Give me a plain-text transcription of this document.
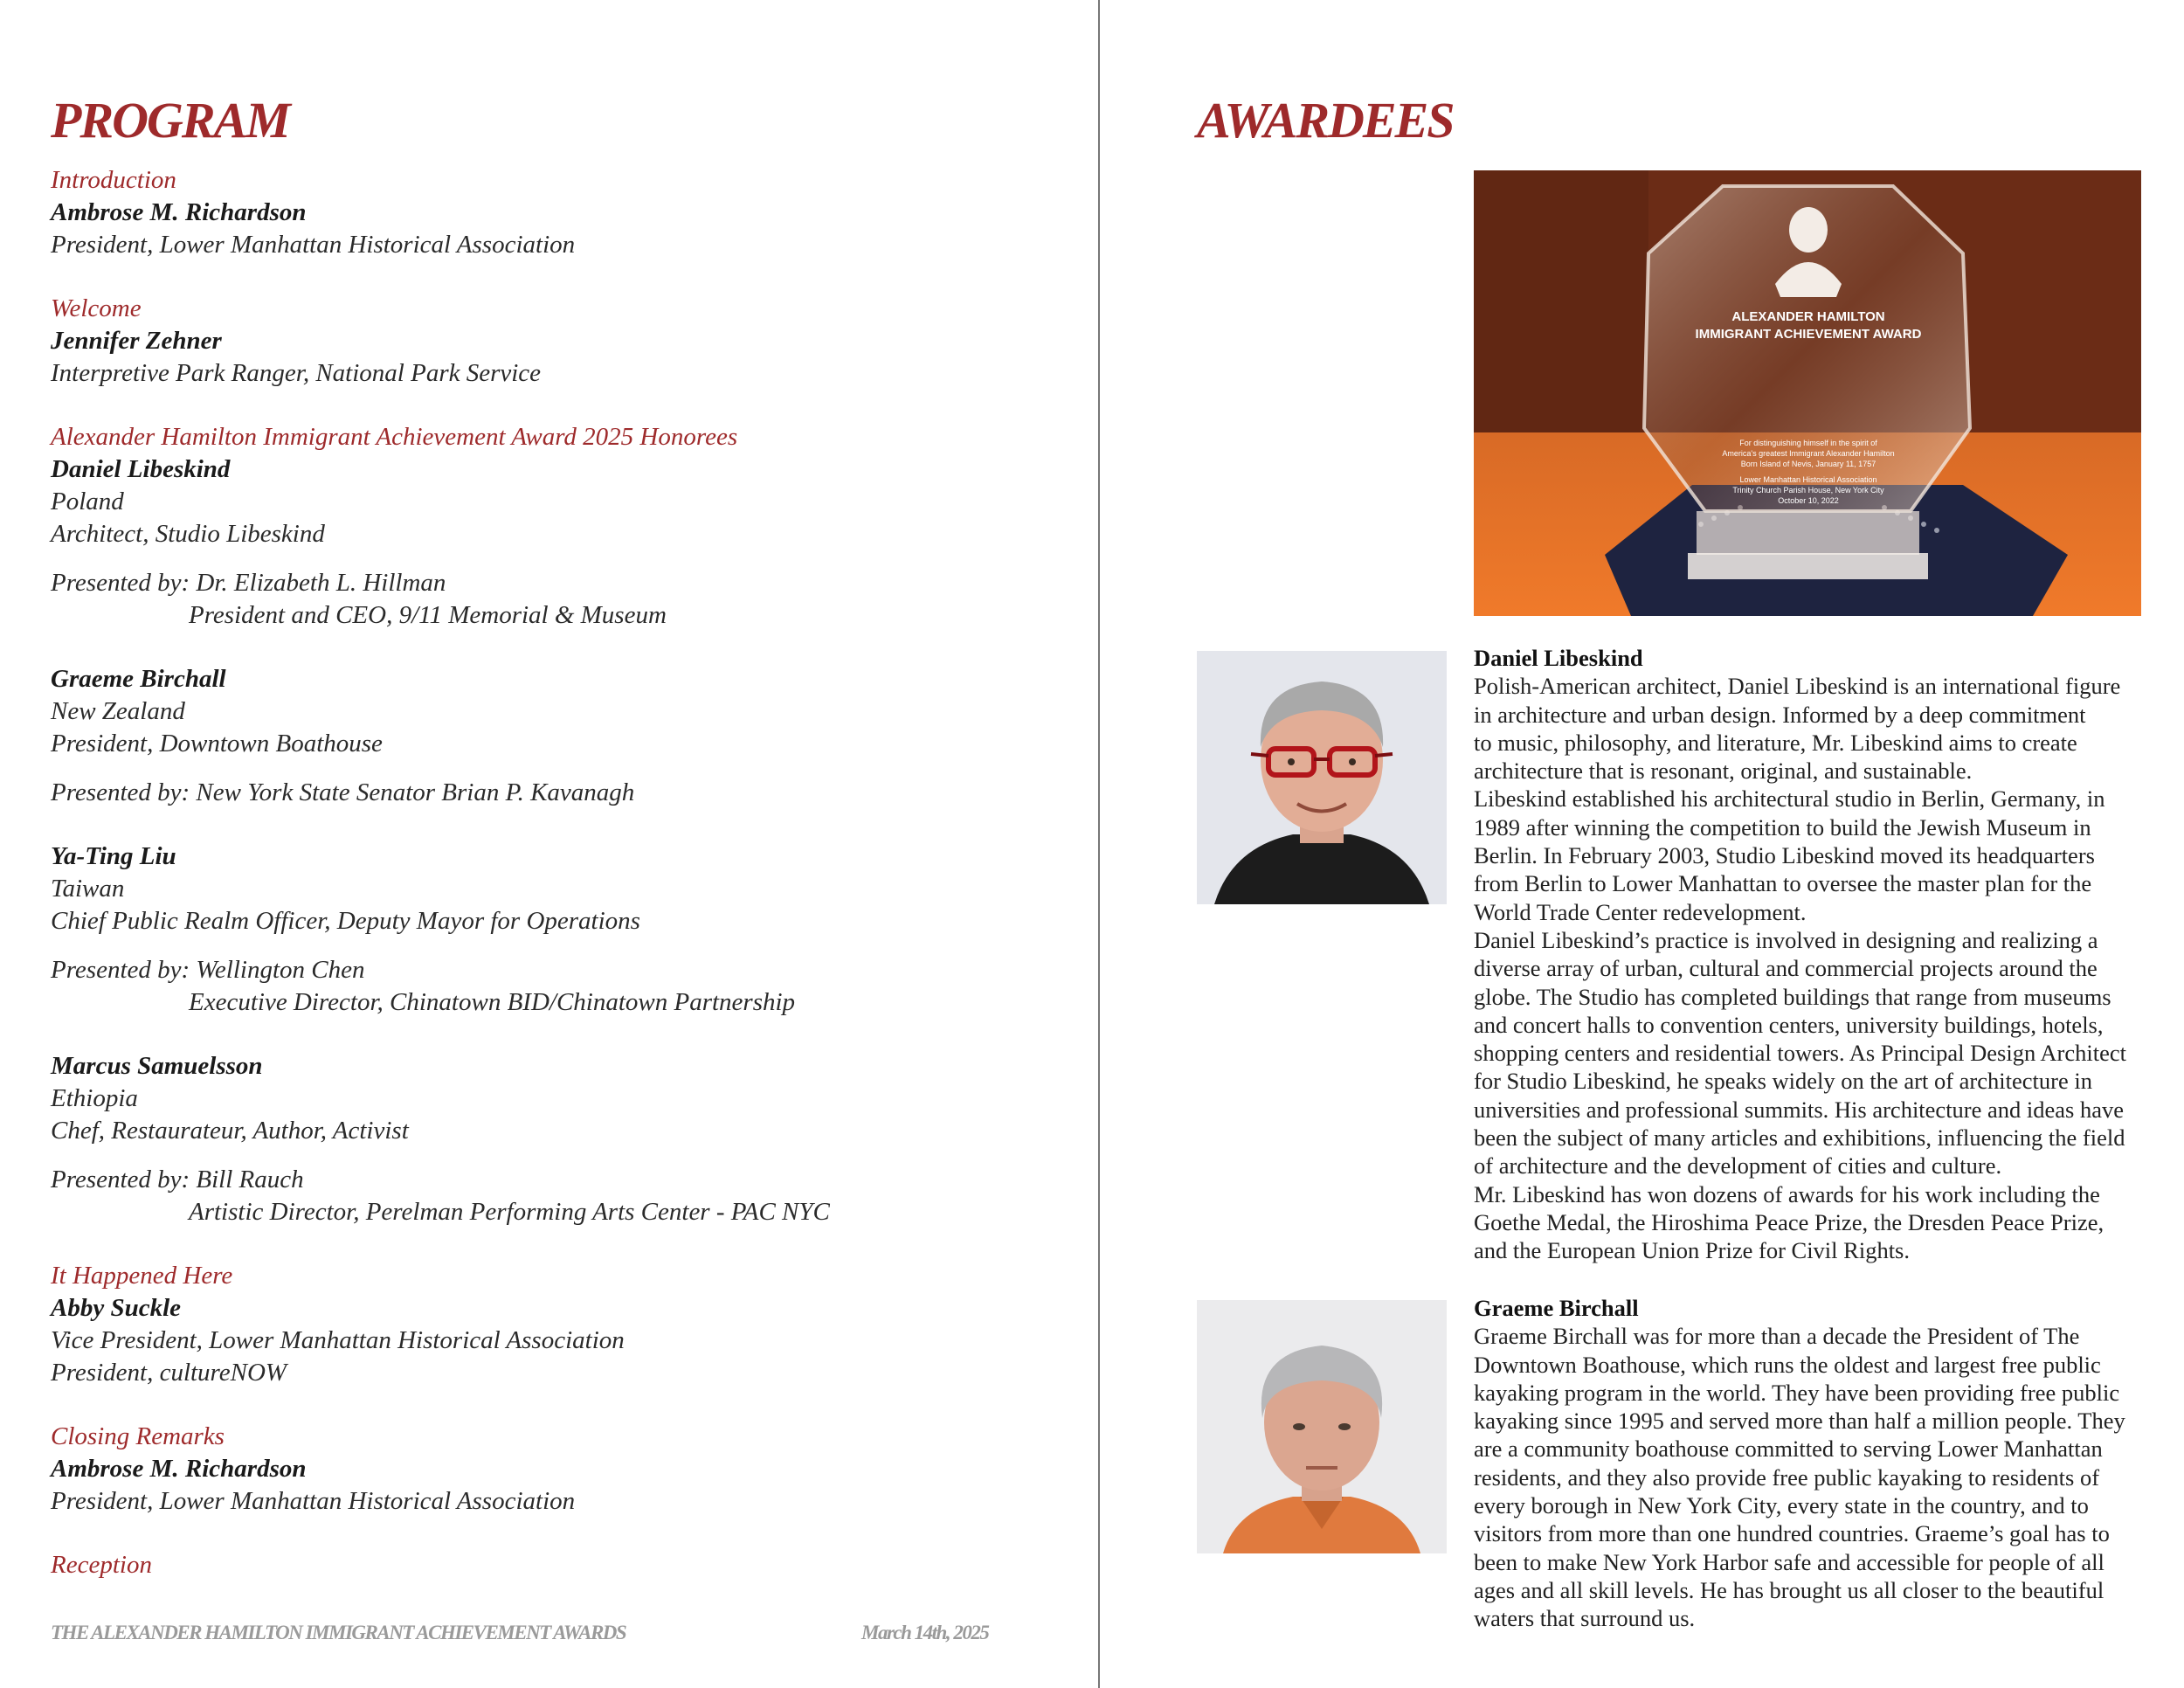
PROGRAM
Introduction
Ambrose M. Richardson
President, Lower Manhattan Historical Association
Welcome
Jennifer Zehner
Interpretive Park Ranger, National Park Service
Alexander Hamilton Immigrant Achievement Award 2025 Honorees
Daniel Libeskind
Poland
Architect, Studio Libeskind
Presented by: Dr. Elizabeth L. Hillman
President and CEO, 9/11 Memorial & Museum
Graeme Birchall
New Zealand
President, Downtown Boathouse
Presented by: New York State Senator Brian P. Kavanagh
Ya-Ting Liu
Taiwan
Chief Public Realm Officer, Deputy Mayor for Operations
Presented by: Wellington Chen
Executive Director, Chinatown BID/Chinatown Partnership
Marcus Samuelsson
Ethiopia
Chef, Restaurateur, Author, Activist
Presented by: Bill Rauch
Artistic Director, Perelman Performing Arts Center - PAC NYC
It Happened Here
Abby Suckle
Vice President, Lower Manhattan Historical Association
President, cultureNOW
Closing Remarks
Ambrose M. Richardson
President, Lower Manhattan Historical Association
Reception
THE ALEXANDER HAMILTON IMMIGRANT ACHIEVEMENT AWARDS	March 14th, 2025
AWARDEES
ALEXANDER HAMILTON
IMMIGRANT ACHIEVEMENT AWARD
For distinguishing himself in the spirit of
America's greatest Immigrant Alexander Hamilton
Born Island of Nevis, January 11, 1757
Lower Manhattan Historical Association
Trinity Church Parish House, New York City
October 10, 2022
Daniel Libeskind
Polish-American architect, Daniel Libeskind is an international figure
in architecture and urban design. Informed by a deep commitment
to music, philosophy, and literature, Mr. Libeskind aims to create
architecture that is resonant, original, and sustainable.
Libeskind established his architectural studio in Berlin, Germany, in
1989 after winning the competition to build the Jewish Museum in
Berlin. In February 2003, Studio Libeskind moved its headquarters
from Berlin to Lower Manhattan to oversee the master plan for the
World Trade Center redevelopment.
Daniel Libeskind’s practice is involved in designing and realizing a
diverse array of urban, cultural and commercial projects around the
globe. The Studio has completed buildings that range from museums
and concert halls to convention centers, university buildings, hotels,
shopping centers and residential towers. As Principal Design Architect
for Studio Libeskind, he speaks widely on the art of architecture in
universities and professional summits. His architecture and ideas have
been the subject of many articles and exhibitions, influencing the field
of architecture and the development of cities and culture.
Mr. Libeskind has won dozens of awards for his work including the
Goethe Medal, the Hiroshima Peace Prize, the Dresden Peace Prize,
and the European Union Prize for Civil Rights.
Graeme Birchall
Graeme Birchall was for more than a decade the President of The
Downtown Boathouse, which runs the oldest and largest free public
kayaking program in the world. They have been providing free public
kayaking since 1995 and served more than half a million people. They
are a community boathouse committed to serving Lower Manhattan
residents, and they also provide free public kayaking to residents of
every borough in New York City, every state in the country, and to
visitors from more than one hundred countries. Graeme’s goal has to
been to make New York Harbor safe and accessible for people of all
ages and all skill levels. He has brought us all closer to the beautiful
waters that surround us.
